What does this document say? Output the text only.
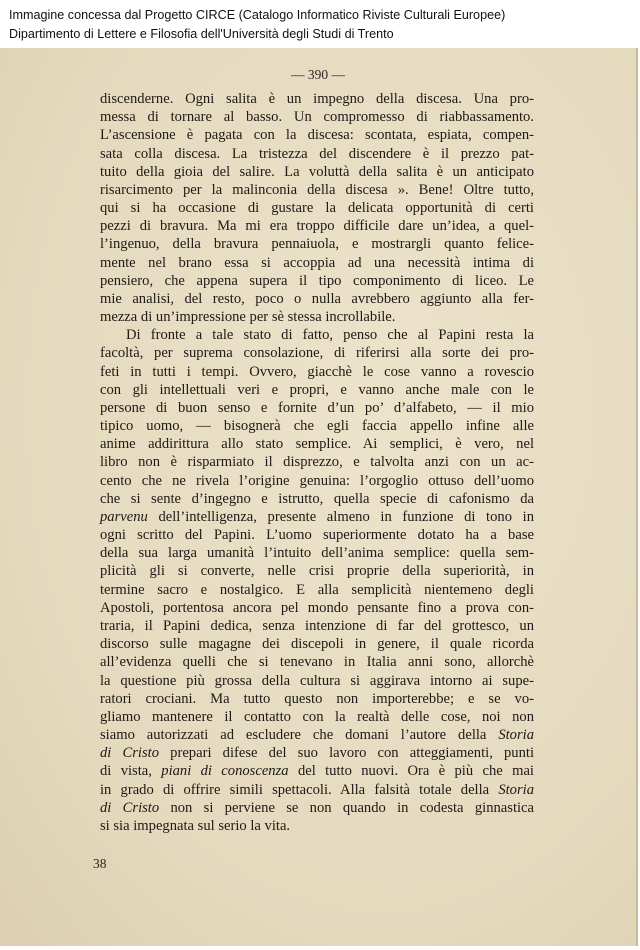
Immagine concessa dal Progetto CIRCE (Catalogo Informatico Riviste Culturali Europee)
Dipartimento di Lettere e Filosofia dell'Università degli Studi di Trento
— 390 —
discenderne. Ogni salita è un impegno della discesa. Una pro-
messa di tornare al basso. Un compromesso di riabbassamento.
L’ascensione è pagata con la discesa: scontata, espiata, compen-
sata colla discesa. La tristezza del discendere è il prezzo pat-
tuito della gioia del salire. La voluttà della salita è un anticipato
risarcimento per la malinconia della discesa ». Bene! Oltre tutto,
qui si ha occasione di gustare la delicata opportunità di certi
pezzi di bravura. Ma mi era troppo difficile dare un’idea, a quel-
l’ingenuo, della bravura pennaiuola, e mostrargli quanto felice-
mente nel brano essa si accoppia ad una necessità intima di
pensiero, che appena supera il tipo componimento di liceo. Le
mie analisi, del resto, poco o nulla avrebbero aggiunto alla fer-
mezza di un’impressione per sè stessa incrollabile.
Di fronte a tale stato di fatto, penso che al Papini resta la
facoltà, per suprema consolazione, di riferirsi alla sorte dei pro-
feti in tutti i tempi. Ovvero, giacchè le cose vanno a rovescio
con gli intellettuali veri e propri, e vanno anche male con le
persone di buon senso e fornite d’un po’ d’alfabeto, — il mio
tipico uomo, — bisognerà che egli faccia appello infine alle
anime addirittura allo stato semplice. Ai semplici, è vero, nel
libro non è risparmiato il disprezzo, e talvolta anzi con un ac-
cento che ne rivela l’origine genuina: l’orgoglio ottuso dell’uomo
che si sente d’ingegno e istrutto, quella specie di cafonismo da
parvenu dell’intelligenza, presente almeno in funzione di tono in
ogni scritto del Papini. L’uomo superiormente dotato ha a base
della sua larga umanità l’intuito dell’anima semplice: quella sem-
plicità gli si converte, nelle crisi proprie della superiorità, in
termine sacro e nostalgico. E alla semplicità nientemeno degli
Apostoli, portentosa ancora pel mondo pensante fino a prova con-
traria, il Papini dedica, senza intenzione di far del grottesco, un
discorso sulle magagne dei discepoli in genere, il quale ricorda
all’evidenza quelli che si tenevano in Italia anni sono, allorchè
la questione più grossa della cultura si aggirava intorno ai supe-
ratori crociani. Ma tutto questo non importerebbe; e se vo-
gliamo mantenere il contatto con la realtà delle cose, noi non
siamo autorizzati ad escludere che domani l’autore della Storia
di Cristo prepari difese del suo lavoro con atteggiamenti, punti
di vista, piani di conoscenza del tutto nuovi. Ora è più che mai
in grado di offrire simili spettacoli. Alla falsità totale della Storia
di Cristo non si perviene se non quando in codesta ginnastica
si sia impegnata sul serio la vita.
38
